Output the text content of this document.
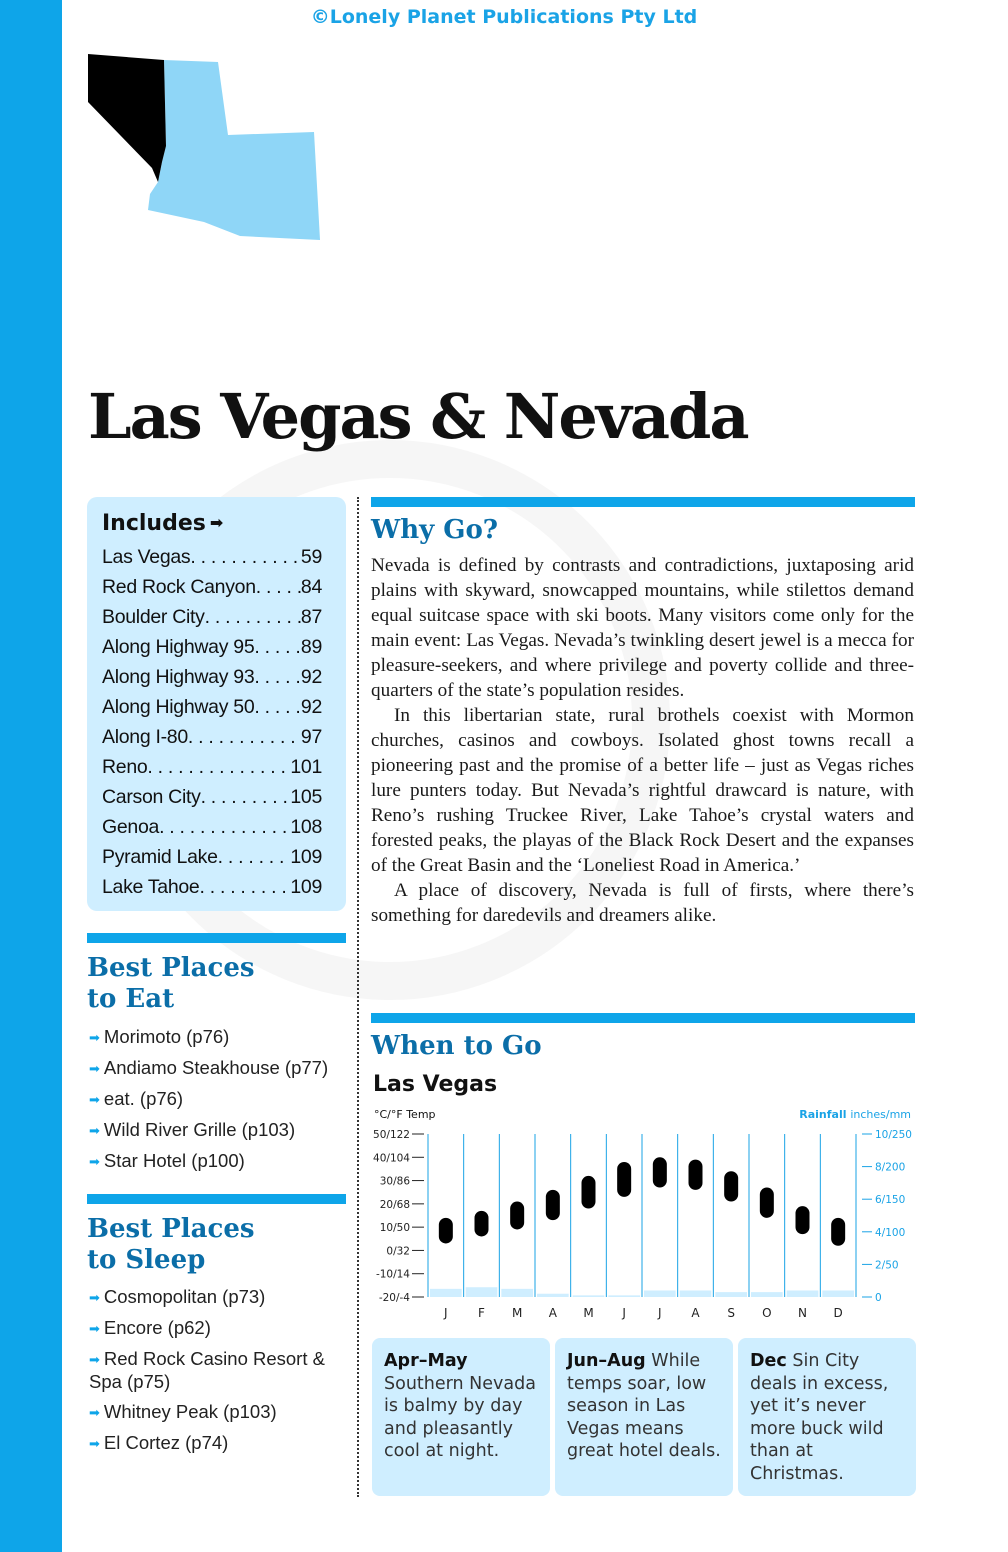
©Lonely Planet Publications Pty Ltd
Las Vegas & Nevada
Includes ➡
Las Vegas . . .	59
Red Rock Canyon . . . 84
Boulder City . . .	87
Along Highway 95 . . . 89
Along Highway 93 . . . 92
Along Highway 50 . . . 92
Along I-80 . . .	97
Reno . . .	101
Carson City . . .	105
Genoa . . .	108
Pyramid Lake . . .	109
Lake Tahoe . . .	109
Best Places
to Eat
➡ Morimoto (p76)
➡ Andiamo Steakhouse (p77)
➡ eat. (p76)
➡ Wild River Grille (p103)
➡ Star Hotel (p100)
Best Places
to Sleep
➡ Cosmopolitan (p73)
➡ Encore (p62)
➡ Red Rock Casino Resort & Spa (p75)
➡ Whitney Peak (p103)
➡ El Cortez (p74)
Why Go?

Nevada is defined by contrasts and contradictions, juxtaposing arid plains with skyward, snowcapped mountains, while stilettos demand equal suitcase space with ski boots. Many visitors come only for the main event: Las Vegas. Nevada’s twinkling desert jewel is a mecca for pleasure-seekers, and where privilege and poverty collide and three-quarters of the state’s population resides.

In this libertarian state, rural brothels coexist with Mormon churches, casinos and cowboys. Isolated ghost towns recall a pioneering past and the promise of a better life – just as Vegas riches lure punters today. But Nevada’s rightful drawcard is nature, with Reno’s rushing Truckee River, Lake Tahoe’s crystal waters and forested peaks, the playas of the Black Rock Desert and the expanses of the Great Basin and the ‘Loneliest Road in America.’

A place of discovery, Nevada is full of firsts, where there’s something for daredevils and dreamers alike.

When to Go
Las Vegas
°C/°F Temp	Rainfall inches/mm
50/122
40/104
30/86
20/68
10/50
0/32
-10/14
-20/-4
10/250
8/200
6/150
4/100
2/50
0
J	F M A M J	J A S O N D
Apr–May Southern Nevada is balmy by day and pleasantly cool at night.
Jun–Aug While temps soar, low season in Las Vegas means great hotel deals.
Dec Sin City deals in excess, yet it’s never more buck wild than at Christmas.
